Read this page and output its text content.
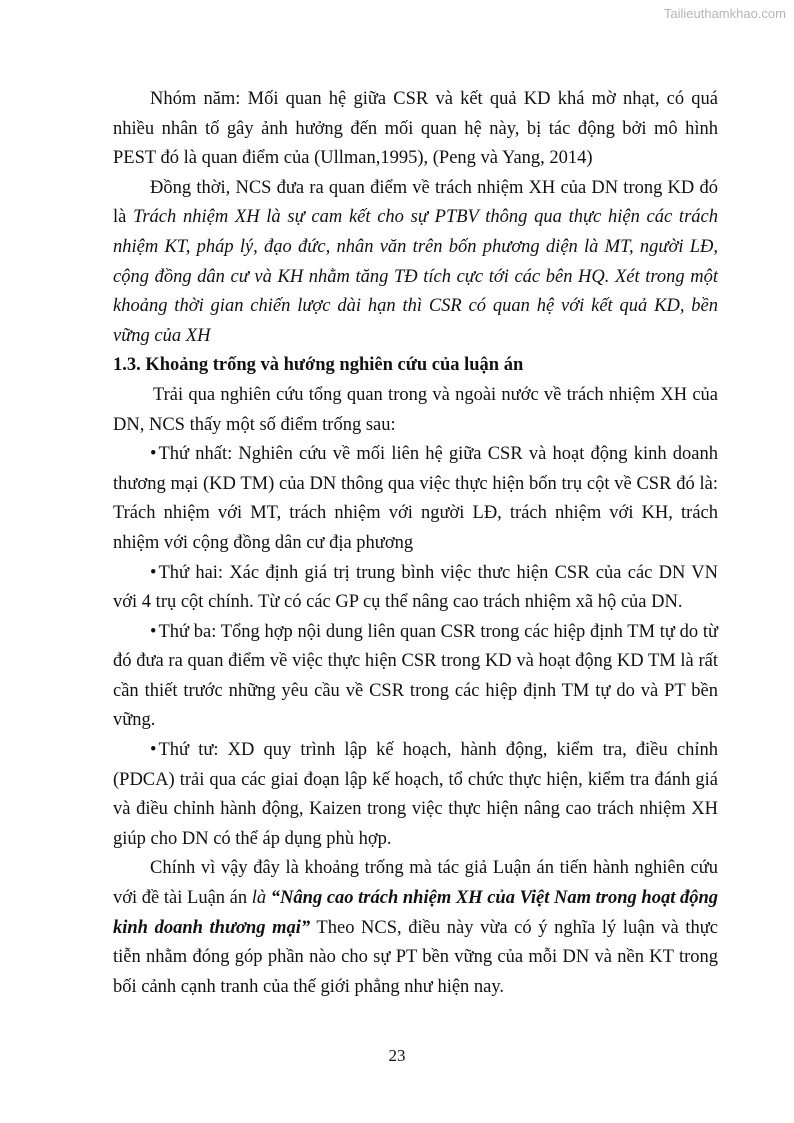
Tailieuthamkhao.com

Nhóm năm: Mối quan hệ giữa CSR và kết quả KD khá mờ nhạt, có quá nhiều nhân tố gây ảnh hưởng đến mối quan hệ này, bị tác động bởi mô hình PEST đó là quan điểm của (Ullman,1995), (Peng và Yang, 2014)

Đồng thời, NCS đưa ra quan điểm về trách nhiệm XH của DN trong KD đó là Trách nhiệm XH là sự cam kết cho sự PTBV thông qua thực hiện các trách nhiệm KT, pháp lý, đạo đức, nhân văn trên bốn phương diện là MT, người LĐ, cộng đồng dân cư và KH nhằm tăng TĐ tích cực tới các bên HQ. Xét trong một khoảng thời gian chiến lược dài hạn thì CSR có quan hệ với kết quả KD, bền vững của XH

1.3. Khoảng trống và hướng nghiên cứu của luận án

Trải qua nghiên cứu tổng quan trong và ngoài nước về trách nhiệm XH của DN, NCS thấy một số điểm trống sau:

• Thứ nhất: Nghiên cứu về mối liên hệ giữa CSR và hoạt động kinh doanh thương mại (KD TM) của DN thông qua việc thực hiện bốn trụ cột về CSR đó là: Trách nhiệm với MT, trách nhiệm với người LĐ, trách nhiệm với KH, trách nhiệm với cộng đồng dân cư địa phương

• Thứ hai: Xác định giá trị trung bình việc thưc hiện CSR của các DN VN với 4 trụ cột chính. Từ có các GP cụ thể nâng cao trách nhiệm xã hộ của DN.

• Thứ ba: Tổng hợp nội dung liên quan CSR trong các hiệp định TM tự do từ đó đưa ra quan điểm về việc thực hiện CSR trong KD và hoạt động KD TM là rất cần thiết trước những yêu cầu về CSR trong các hiệp định TM tự do và PT bền vững.

• Thứ tư: XD quy trình lập kế hoạch, hành động, kiểm tra, điều chỉnh (PDCA) trải qua các giai đoạn lập kế hoạch, tổ chức thực hiện, kiểm tra đánh giá và điều chỉnh hành động, Kaizen trong việc thực hiện nâng cao trách nhiệm XH giúp cho DN có thể áp dụng phù hợp.

Chính vì vậy đây là khoảng trống mà tác giả Luận án tiến hành nghiên cứu với đề tài Luận án là “Nâng cao trách nhiệm XH của Việt Nam trong hoạt động kinh doanh thương mại” Theo NCS, điều này vừa có ý nghĩa lý luận và thực tiễn nhằm đóng góp phần nào cho sự PT bền vững của mỗi DN và nền KT trong bối cảnh cạnh tranh của thế giới phẳng như hiện nay.

23
